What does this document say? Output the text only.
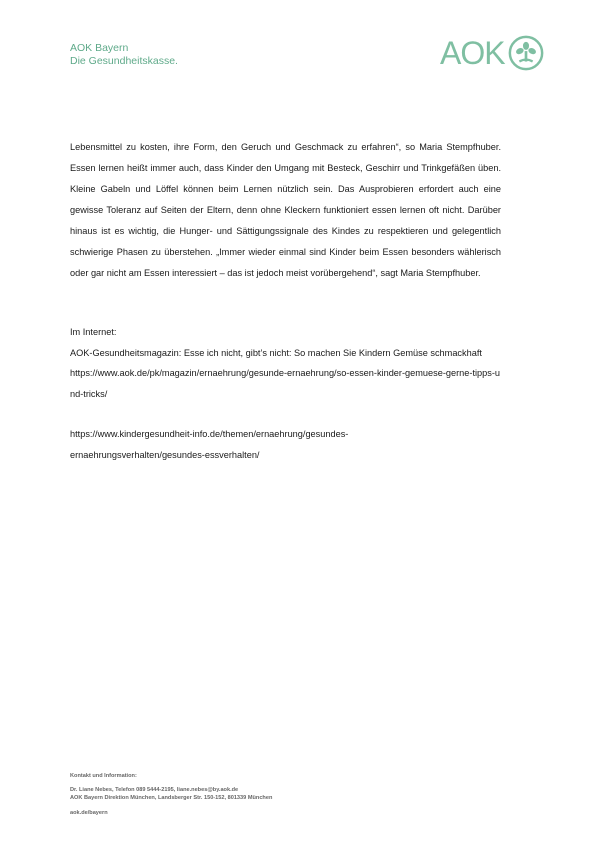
AOK Bayern
Die Gesundheitskasse.	AOK

Lebensmittel zu kosten, ihre Form, den Geruch und Geschmack zu erfahren“, so Maria Stempfhuber. Essen lernen heißt immer auch, dass Kinder den Umgang mit Besteck, Geschirr und Trinkgefäßen üben. Kleine Gabeln und Löffel können beim Lernen nützlich sein. Das Ausprobieren erfordert auch eine gewisse Toleranz auf Seiten der Eltern, denn ohne Kleckern funktioniert essen lernen oft nicht. Darüber hinaus ist es wichtig, die Hunger- und Sättigungssignale des Kindes zu respektieren und gelegentlich schwierige Phasen zu überstehen. „Immer wieder einmal sind Kinder beim Essen besonders wählerisch oder gar nicht am Essen interessiert – das ist jedoch meist vorübergehend“, sagt Maria Stempfhuber.

Im Internet:

AOK-Gesundheitsmagazin: Esse ich nicht, gibt’s nicht: So machen Sie Kindern Gemüse schmackhaft

https://www.aok.de/pk/magazin/ernaehrung/gesunde-ernaehrung/so-essen-kinder-gemuese-gerne-tipps-und-tricks/

https://www.kindergesundheit-info.de/themen/ernaehrung/gesundes-
ernaehrungsverhalten/gesundes-essverhalten/

Kontakt und Information:
Dr. Liane Nebes, Telefon 089 5444-2195, liane.nebes@by.aok.de
AOK Bayern Direktion München, Landsberger Str. 150-152, 801339 München
aok.de/bayern
